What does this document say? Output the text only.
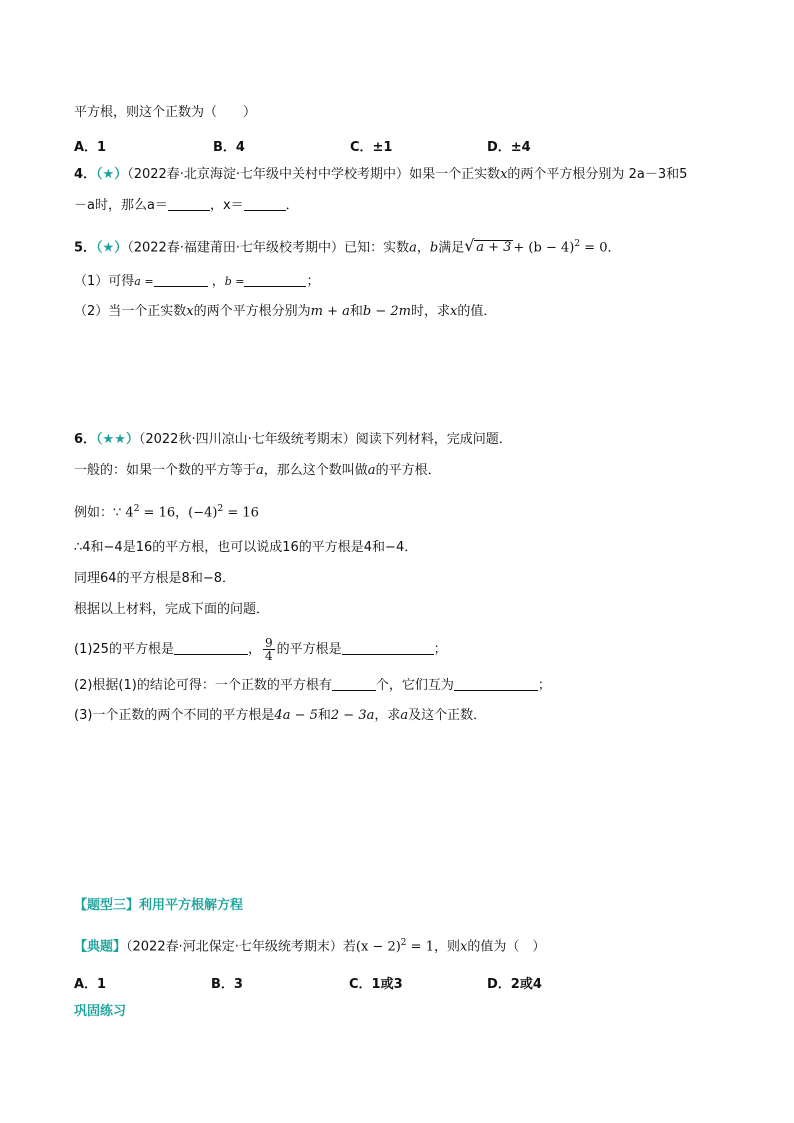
平方根，则这个正数为（　　）
A．1	B．4	C．±1	D．±4
4．（★）（2022春·北京海淀·七年级中关村中学校考期中）如果一个正实数x的两个平方根分别为 2a－3和5
－a时，那么a＝	，x＝	．
5．（★）（2022春·福建莆田·七年级校考期中）已知：实数a，b满足 √ $a + 3 + (b - 4)^2 = 0$．
（1）可得a =	，b =	；
（2）当一个正实数x的两个平方根分别为m + a和b − 2m时，求x的值．
6．（★★）（2022秋·四川凉山·七年级统考期末）阅读下列材料，完成问题．
一般的：如果一个数的平方等于a，那么这个数叫做a的平方根．
例如：∵ $4^2 = 16$，$(-4)^2 = 16$
∴4和−4是16的平方根，也可以说成16的平方根是4和−4．
同理64的平方根是8和−8．
根据以上材料，完成下面的问题．
(1)25的平方根是	， $\frac{9}{4}$ 的平方根是	；
(2)根据(1)的结论可得：一个正数的平方根有	个，它们互为	；
(3)一个正数的两个不同的平方根是4a − 5和2 − 3a，求a及这个正数．
【题型三】利用平方根解方程
【典题】（2022春·河北保定·七年级统考期末）若$(x - 2)^2 = 1$，则x的值为（　）
A．1	B．3	C．1或3	D．2或4
巩固练习
